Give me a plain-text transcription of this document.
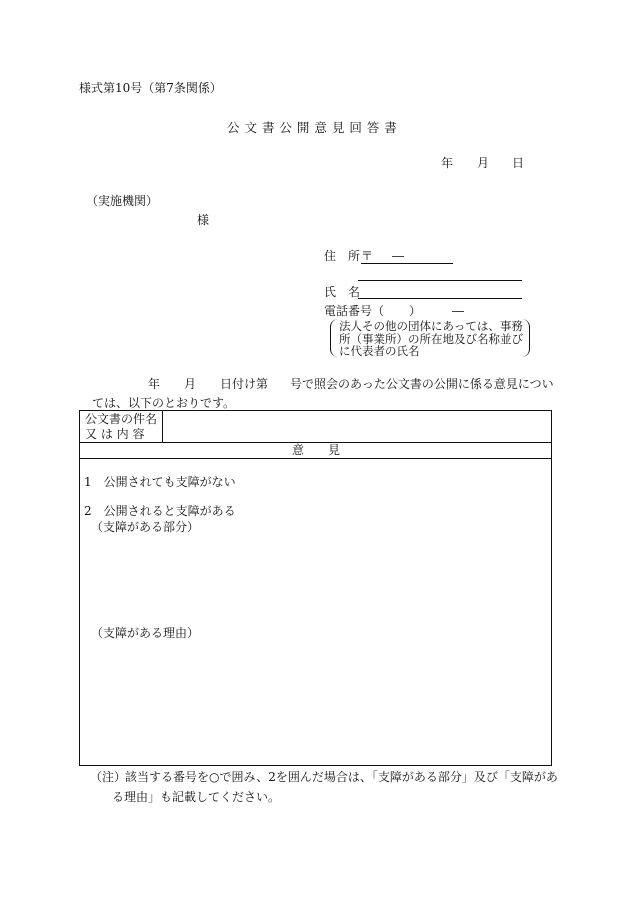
様式第10号（第7条関係）
公 文 書 公 開 意 見 回 答 書
年 月 日
（実施機関）
様
住　所 〒 ―
氏　名
電話番号（ ）	―
法人その他の団体にあっては、事務所（事業所）の所在地及び名称並びに代表者の氏名
年 月 日付け第 号で照会のあった公文書の公開に係る意見につい
ては、以下のとおりです。
公文書の件名
又 は 内 容
意　　見
1　公開されても支障がない
2　公開されると支障がある
（支障がある部分）
（支障がある理由）
（注）
該当する番号を○で囲み、2を囲んだ場合は、「支障がある部分」及び「支障があ
る理由」も記載してください。
